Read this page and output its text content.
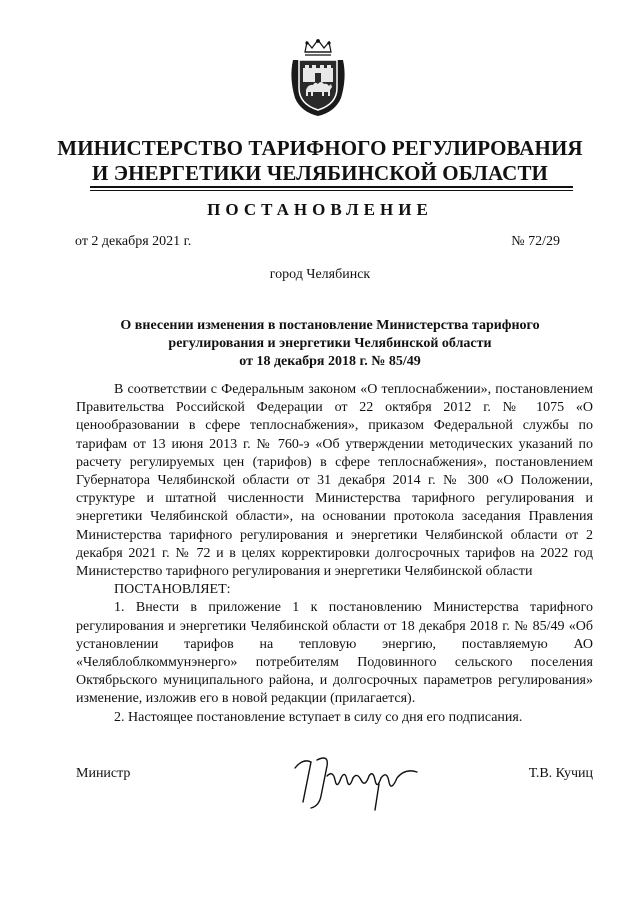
МИНИСТЕРСТВО ТАРИФНОГО РЕГУЛИРОВАНИЯ
И ЭНЕРГЕТИКИ ЧЕЛЯБИНСКОЙ ОБЛАСТИ
ПОСТАНОВЛЕНИЕ
от 2 декабря 2021 г.	№ 72/29
город Челябинск
О внесении изменения в постановление Министерства тарифного
регулирования и энергетики Челябинской области
от 18 декабря 2018 г. № 85/49

В соответствии с Федеральным законом «О теплоснабжении», постановлением Правительства Российской Федерации от 22 октября 2012 г. № 1075 «О ценообразовании в сфере теплоснабжения», приказом Федеральной службы по тарифам от 13 июня 2013 г. № 760-э «Об утверждении методических указаний по расчету регулируемых цен (тарифов) в сфере теплоснабжения», постановлением Губернатора Челябинской области от 31 декабря 2014 г. № 300 «О Положении, структуре и штатной численности Министерства тарифного регулирования и энергетики Челябинской области», на основании протокола заседания Правления Министерства тарифного регулирования и энергетики Челябинской области от 2 декабря 2021 г. № 72 и в целях корректировки долгосрочных тарифов на 2022 год Министерство тарифного регулирования и энергетики Челябинской области

ПОСТАНОВЛЯЕТ:

1. Внести в приложение 1 к постановлению Министерства тарифного регулирования и энергетики Челябинской области от 18 декабря 2018 г. № 85/49 «Об установлении тарифов на тепловую энергию, поставляемую АО «Челяблоблкоммунэнерго» потребителям Подовинного сельского поселения Октябрьского муниципального района, и долгосрочных параметров регулирования» изменение, изложив его в новой редакции (прилагается).

2. Настоящее постановление вступает в силу со дня его подписания.

Министр	Т.В. Кучиц
